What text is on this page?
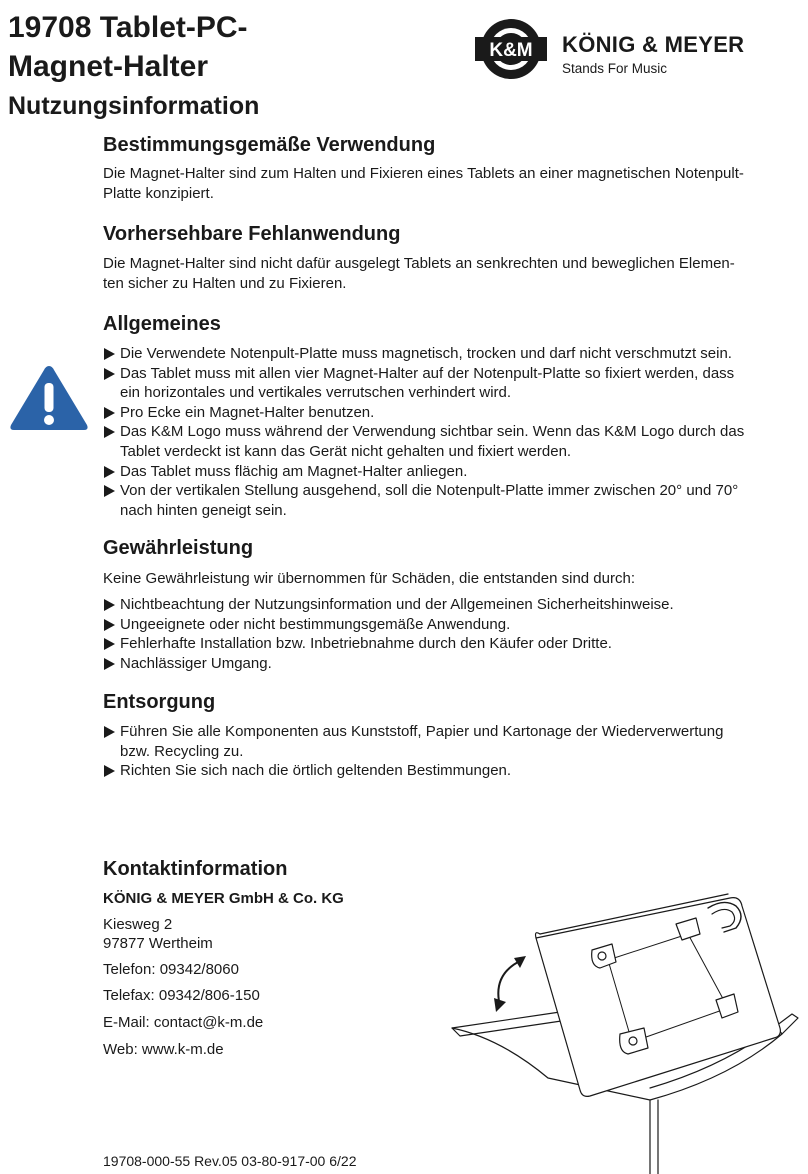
19708 Tablet-PC-
Magnet-Halter
Nutzungsinformation
K&M KÖNIG & MEYER
Stands For Music
Bestimmungsgemäße Verwendung
Die Magnet-Halter sind zum Halten und Fixieren eines Tablets an einer magnetischen Notenpult-
Platte konzipiert.
Vorhersehbare Fehlanwendung
Die Magnet-Halter sind nicht dafür ausgelegt Tablets an senkrechten und beweglichen Elemen-
ten sicher zu Halten und zu Fixieren.
Allgemeines
Die Verwendete Notenpult-Platte muss magnetisch, trocken und darf nicht verschmutzt sein.
Das Tablet muss mit allen vier Magnet-Halter auf der Notenpult-Platte so fixiert werden, dass
ein horizontales und vertikales verrutschen verhindert wird.
Pro Ecke ein Magnet-Halter benutzen.
Das K&M Logo muss während der Verwendung sichtbar sein. Wenn das K&M Logo durch das
Tablet verdeckt ist kann das Gerät nicht gehalten und fixiert werden.
Das Tablet muss flächig am Magnet-Halter anliegen.
Von der vertikalen Stellung ausgehend, soll die Notenpult-Platte immer zwischen 20° und 70°
nach hinten geneigt sein.
Gewährleistung
Keine Gewährleistung wir übernommen für Schäden, die entstanden sind durch:
Nichtbeachtung der Nutzungsinformation und der Allgemeinen Sicherheitshinweise.
Ungeeignete oder nicht bestimmungsgemäße Anwendung.
Fehlerhafte Installation bzw. Inbetriebnahme durch den Käufer oder Dritte.
Nachlässiger Umgang.
Entsorgung
Führen Sie alle Komponenten aus Kunststoff, Papier und Kartonage der Wiederverwertung
bzw. Recycling zu.
Richten Sie sich nach die örtlich geltenden Bestimmungen.
Kontaktinformation
KÖNIG & MEYER GmbH & Co. KG
Kiesweg 2
97877 Wertheim
Telefon: 09342/8060
Telefax: 09342/806-150
E-Mail: contact@k-m.de
Web: www.k-m.de
19708-000-55 Rev.05 03-80-917-00 6/22
